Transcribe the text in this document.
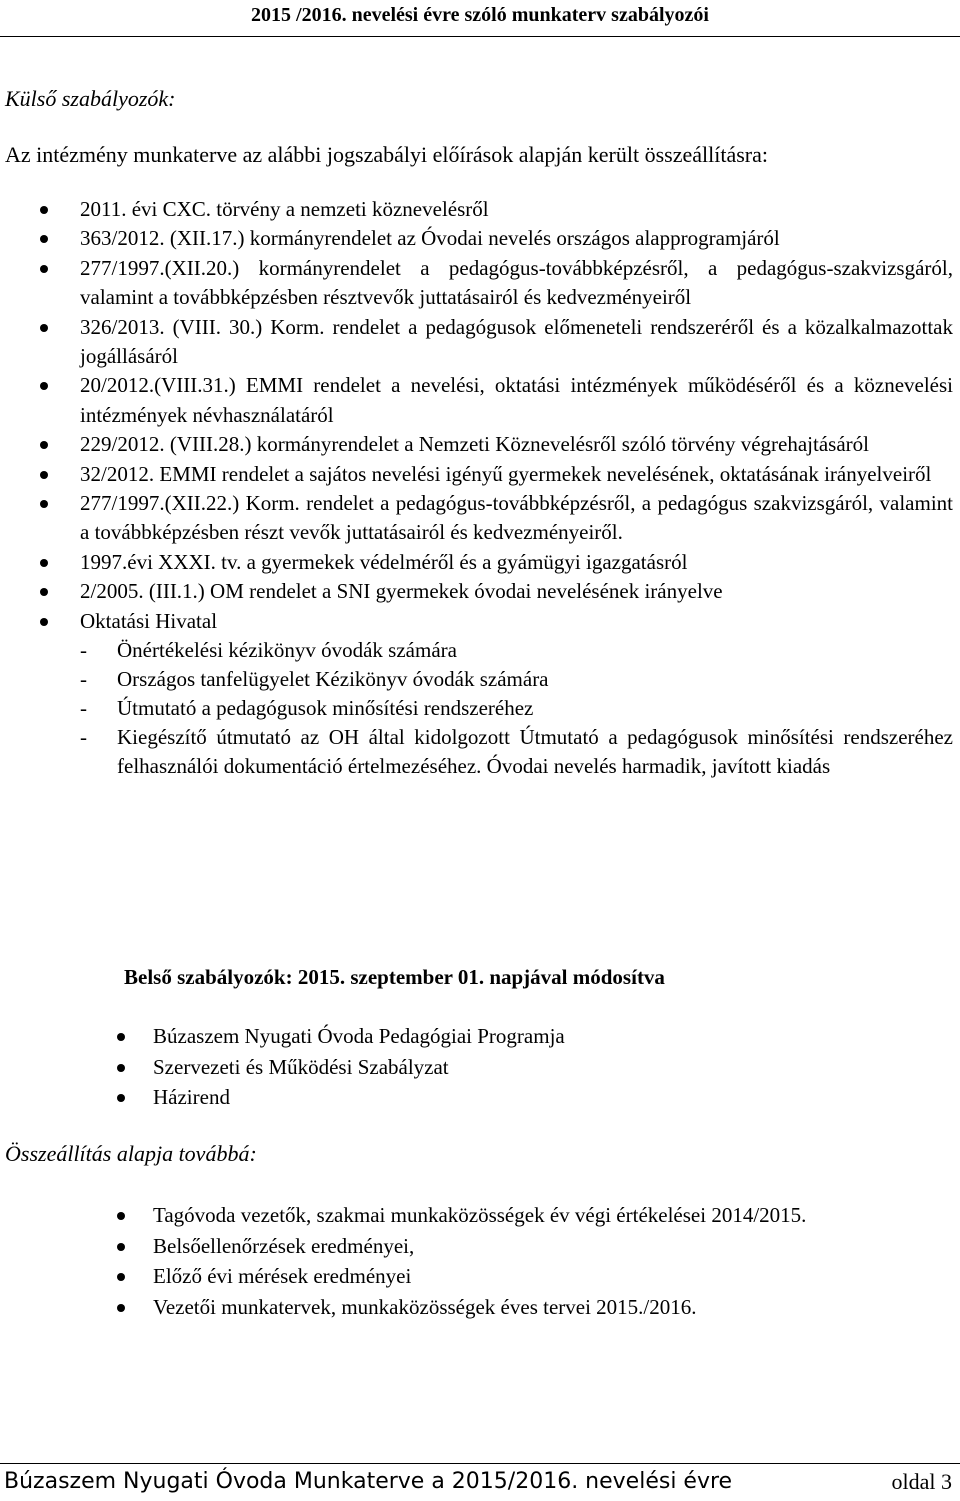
2015 /2016. nevelési évre szóló munkaterv szabályozói
Külső szabályozók:
Az intézmény munkaterve az alábbi jogszabályi előírások alapján került összeállításra:
2011. évi CXC. törvény a nemzeti köznevelésről
363/2012. (XII.17.) kormányrendelet az Óvodai nevelés országos alapprogramjáról
277/1997.(XII.20.) kormányrendelet a pedagógus-továbbképzésről, a pedagógus-szakvizsgáról, valamint a továbbképzésben résztvevők juttatásairól és kedvezményeiről
326/2013. (VIII. 30.) Korm. rendelet a pedagógusok előmeneteli rendszeréről és a közalkalmazottak jogállásáról
20/2012.(VIII.31.) EMMI rendelet a nevelési, oktatási intézmények működéséről és a köznevelési intézmények névhasználatáról
229/2012. (VIII.28.) kormányrendelet a Nemzeti Köznevelésről szóló törvény végrehajtásáról
32/2012. EMMI rendelet a sajátos nevelési igényű gyermekek nevelésének, oktatásának irányelveiről
277/1997.(XII.22.) Korm. rendelet a pedagógus-továbbképzésről, a pedagógus szakvizsgáról, valamint a továbbképzésben részt vevők juttatásairól és kedvezményeiről.
1997.évi XXXI. tv. a gyermekek védelméről és a gyámügyi igazgatásról
2/2005. (III.1.) OM rendelet a SNI gyermekek óvodai nevelésének irányelve
Oktatási Hivatal
- Önértékelési kézikönyv óvodák számára
- Országos tanfelügyelet Kézikönyv óvodák számára
- Útmutató a pedagógusok minősítési rendszeréhez
- Kiegészítő útmutató az OH által kidolgozott Útmutató a pedagógusok minősítési rendszeréhez felhasználói dokumentáció értelmezéséhez. Óvodai nevelés harmadik, javított kiadás
Belső szabályozók: 2015. szeptember 01. napjával módosítva
Búzaszem Nyugati Óvoda Pedagógiai Programja
Szervezeti és Működési Szabályzat
Házirend
Összeállítás alapja továbbá:
Tagóvoda vezetők, szakmai munkaközösségek év végi értékelései 2014/2015.
Belsőellenőrzések eredményei,
Előző évi mérések eredményei
Vezetői munkatervek, munkaközösségek éves tervei 2015./2016.
Búzaszem Nyugati Óvoda Munkaterve a 2015/2016. nevelési évre	oldal 3
